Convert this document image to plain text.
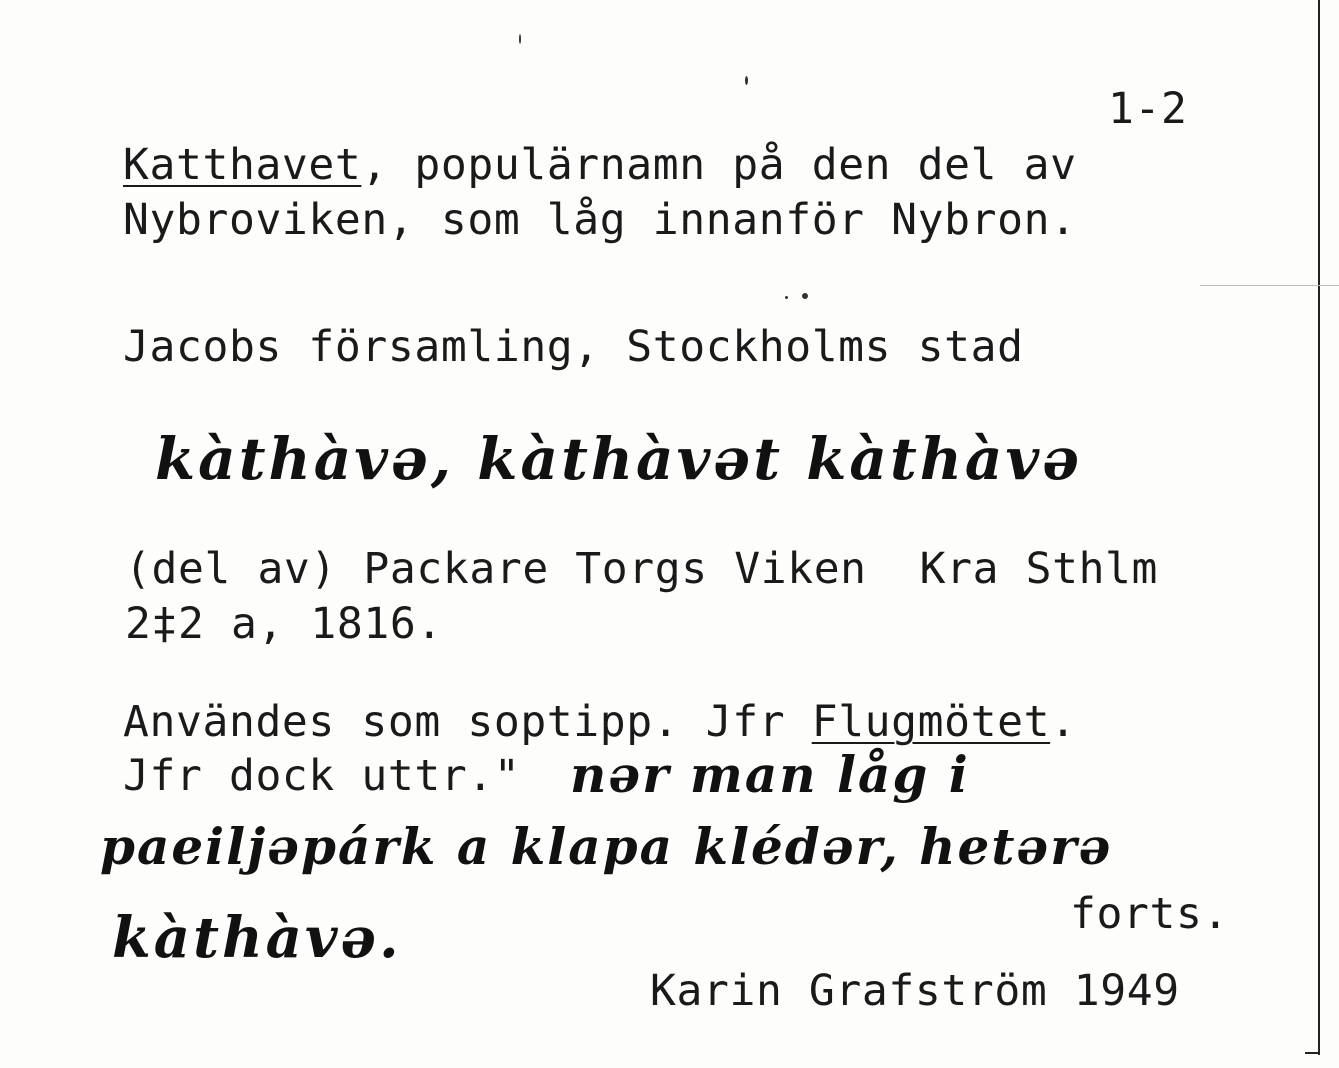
1-2
Katthavet, populärnamn på den del av
Nybroviken, som låg innanför Nybron.
Jacobs församling, Stockholms stad
kàthàvə, kàthàvət kàthàvə
(del av) Packare Torgs Viken  Kra Sthlm
2‡2 a, 1816.
Användes som soptipp. Jfr Flugmötet.
Jfr dock uttr." nər man låg i
paeiljəpárk a klapa klédər, hetərə
kàthàvə.	forts.
Karin Grafström 1949
